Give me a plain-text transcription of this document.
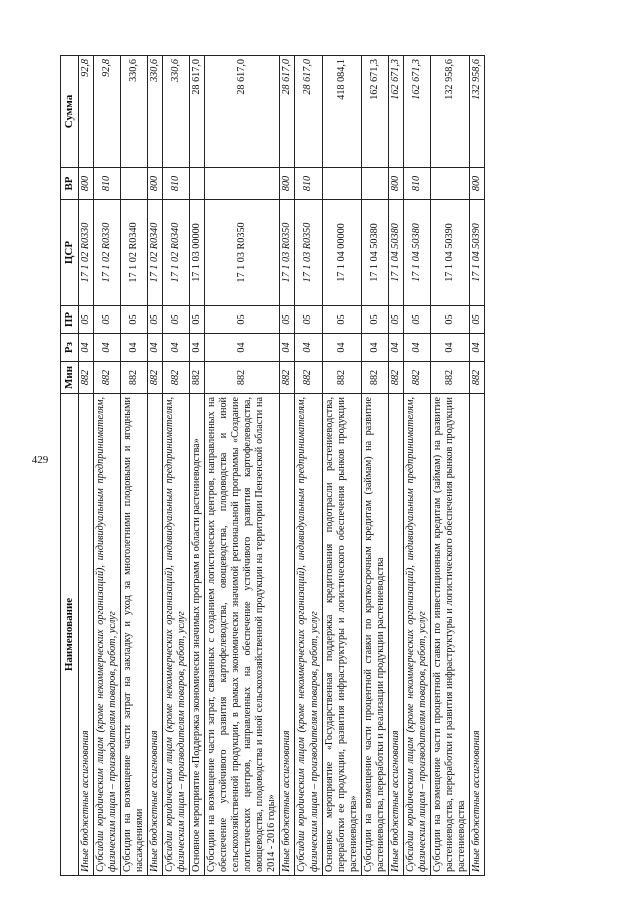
429
Наименование	Мин	Рз	ПР	ЦСР	ВР	Сумма
Иные бюджетные ассигнования	882	04	05	17 1 02 R0330	800	92,8
Субсидии юридическим лицам (кроме некоммерческих организаций), индивидуальным предпринимателям, физическим лицам – производителям товаров, работ, услуг	882	04	05	17 1 02 R0330	810	92,8
Субсидии на возмещение части затрат на закладку и уход за многолетними плодовыми и ягодными насаждениями	882	04	05	17 1 02 R0340		330,6
Иные бюджетные ассигнования	882	04	05	17 1 02 R0340	800	330,6
Субсидии юридическим лицам (кроме некоммерческих организаций), индивидуальным предпринимателям, физическим лицам – производителям товаров, работ, услуг	882	04	05	17 1 02 R0340	810	330,6
Основное мероприятие «Поддержка экономически значимых программ в области растениеводства»	882	04	05	17 1 03 00000		28 617,0
Субсидии на возмещение части затрат, связанных с созданием логистических центров, направленных на обеспечение устойчивого развития картофелеводства, овощеводства, плодоводства и иной сельскохозяйственной продукции, в рамках экономически значимой региональной программы «Создание логистических центров, направленных на обеспечение устойчивого развития картофелеводства, овощеводства, плодоводства и иной сельскохозяйственной продукции на территории Пензенской области на 2014 - 2016 годы»	882	04	05	17 1 03 R0350		28 617,0
Иные бюджетные ассигнования	882	04	05	17 1 03 R0350	800	28 617,0
Субсидии юридическим лицам (кроме некоммерческих организаций), индивидуальным предпринимателям, физическим лицам – производителям товаров, работ, услуг	882	04	05	17 1 03 R0350	810	28 617,0
Основное мероприятие «Государственная поддержка кредитования подотрасли растениеводства, переработки ее продукции, развития инфраструктуры и логистического обеспечения рынков продукции растениеводства»	882	04	05	17 1 04 00000		418 084,1
Субсидии на возмещение части процентной ставки по краткосрочным кредитам (займам) на развитие растениеводства, переработки и реализации продукции растениеводства	882	04	05	17 1 04 50380		162 671,3
Иные бюджетные ассигнования	882	04	05	17 1 04 50380	800	162 671,3
Субсидии юридическим лицам (кроме некоммерческих организаций), индивидуальным предпринимателям, физическим лицам – производителям товаров, работ, услуг	882	04	05	17 1 04 50380	810	162 671,3
Субсидии на возмещение части процентной ставки по инвестиционным кредитам (займам) на развитие растениеводства, переработки и развития инфраструктуры и логистического обеспечения рынков продукции растениеводства	882	04	05	17 1 04 50390		132 958,6
Иные бюджетные ассигнования	882	04	05	17 1 04 50390	800	132 958,6
